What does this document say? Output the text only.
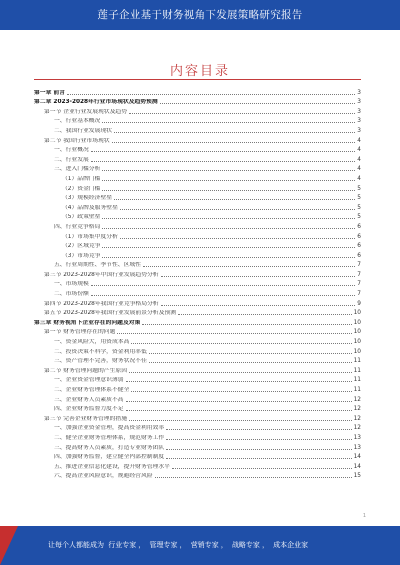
莲子企业基于财务视角下发展策略研究报告
内容目录
第一章 前言	3
第二章 2023-2028年行业市场现状及趋势预测	3
第一节 企业行业发展现状及趋势	3
一、行业基本概况	3
二、我国行业发展现状	3
第二节 我国行业市场现状	4
一、行业概况	4
二、行业发展	4
三、进入门槛分析	4
（1）品牌门槛	4
（2）资金门槛	5
（3）规模经济壁垒	5
（4）品牌及服务壁垒	5
（5）政策壁垒	5
四、行业竞争格局	6
（1）市场集中度分析	6
（2）区域竞争	6
（3）市场竞争	6
五、行业周期性、季节性、区域性	7
第三节 2023-2028年中国行业发展趋势分析	7
一、市场规模	7
二、市场份额	7
第四节 2023-2028年我国行业竞争格局分析	9
第五节 2023-2028年我国行业发展前景分析及预测	10
第三章 财务视角下企业存在的问题及对策	10
第一节 财务管理存在的问题	10
一、资金风险大，用资成本高	10
二、投资决策不科学，资金利用率低	10
三、资产管理不完善，财务状况不佳	11
第二节 财务管理问题的产生原因	11
一、企业资金管理意识薄弱	11
二、企业财务管理体系不健全	11
三、企业财务人员素质不高	12
四、企业财务监督力度不足	12
第三节 完善企业财务管理的措施	12
一、加强企业资金管理，提高资金利用效率	12
二、健全企业财务管理体系，规范财务工作	13
三、提高财务人员素质，打造专业财务团队	13
四、加强财务监督，建立健全内部控制制度	14
五、推进企业信息化建设，提升财务管理水平	14
六、提高企业风险意识，规避经营风险	15
1
让每个人都能成为 行业专家 ， 管理专家 ， 营销专家 ， 战略专家 ， 成本企业家
